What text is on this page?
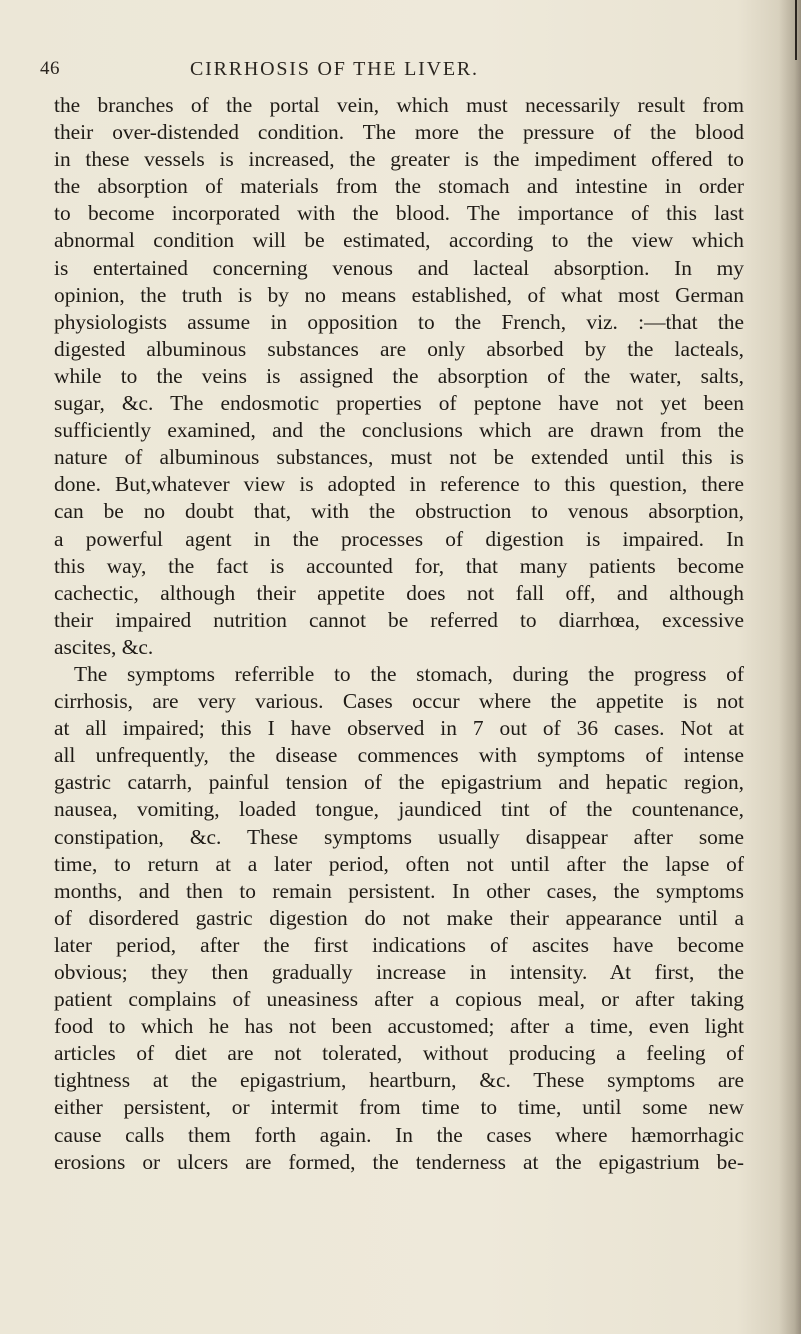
46	CIRRHOSIS OF THE LIVER.
the branches of the portal vein, which must necessarily result from
their over-distended condition. The more the pressure of the blood
in these vessels is increased, the greater is the impediment offered to
the absorption of materials from the stomach and intestine in order
to become incorporated with the blood. The importance of this last
abnormal condition will be estimated, according to the view which
is entertained concerning venous and lacteal absorption. In my
opinion, the truth is by no means established, of what most German
physiologists assume in opposition to the French, viz. :—that the
digested albuminous substances are only absorbed by the lacteals,
while to the veins is assigned the absorption of the water, salts,
sugar, &c. The endosmotic properties of peptone have not yet been
sufficiently examined, and the conclusions which are drawn from the
nature of albuminous substances, must not be extended until this is
done. But,whatever view is adopted in reference to this question, there
can be no doubt that, with the obstruction to venous absorption,
a powerful agent in the processes of digestion is impaired. In
this way, the fact is accounted for, that many patients become
cachectic, although their appetite does not fall off, and although
their impaired nutrition cannot be referred to diarrhœa, excessive
ascites, &c.
The symptoms referrible to the stomach, during the progress of
cirrhosis, are very various. Cases occur where the appetite is not
at all impaired; this I have observed in 7 out of 36 cases. Not at
all unfrequently, the disease commences with symptoms of intense
gastric catarrh, painful tension of the epigastrium and hepatic region,
nausea, vomiting, loaded tongue, jaundiced tint of the countenance,
constipation, &c. These symptoms usually disappear after some
time, to return at a later period, often not until after the lapse of
months, and then to remain persistent. In other cases, the symptoms
of disordered gastric digestion do not make their appearance until a
later period, after the first indications of ascites have become
obvious; they then gradually increase in intensity. At first, the
patient complains of uneasiness after a copious meal, or after taking
food to which he has not been accustomed; after a time, even light
articles of diet are not tolerated, without producing a feeling of
tightness at the epigastrium, heartburn, &c. These symptoms are
either persistent, or intermit from time to time, until some new
cause calls them forth again. In the cases where hæmorrhagic
erosions or ulcers are formed, the tenderness at the epigastrium be-
